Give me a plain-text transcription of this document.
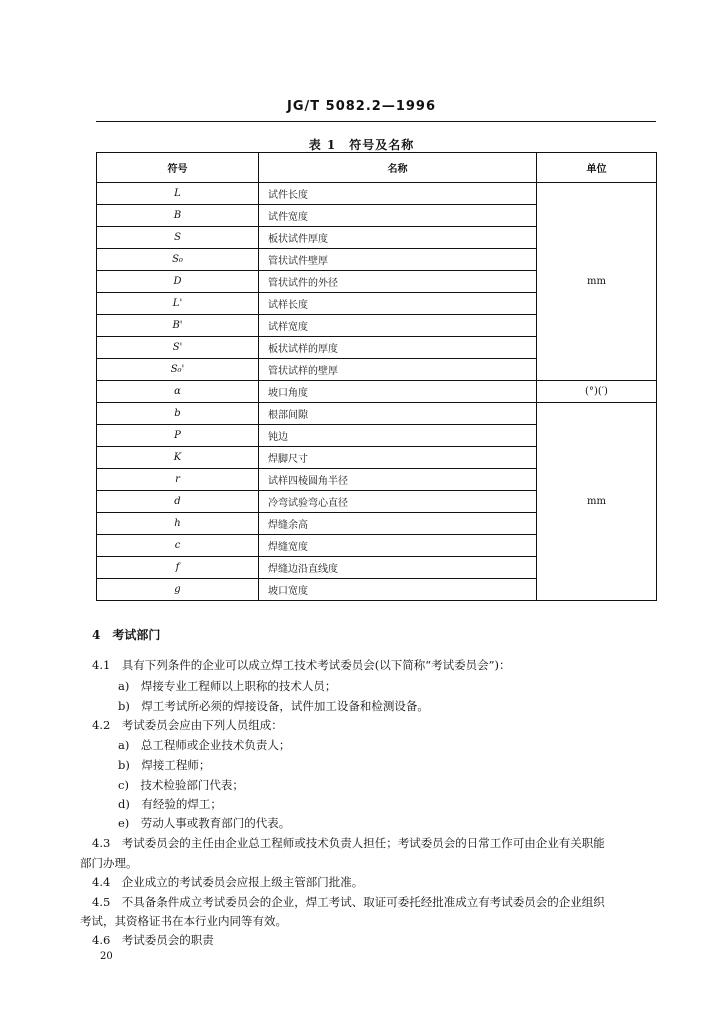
JG/T 5082.2—1996
表 1　符号及名称
符号	名称	单位
L	试件长度	mm
B	试件宽度	
S	板状试件厚度	
S₀	管状试件壁厚	
D	管状试件的外径	
L'	试样长度	
B'	试样宽度	
S'	板状试样的厚度	
S₀'	管状试样的壁厚	
α	坡口角度	(°)(′)
b	根部间隙	mm
P	钝边	
K	焊脚尺寸	
r	试样四棱圆角半径	
d	冷弯试验弯心直径	
h	焊缝余高	
c	焊缝宽度	
f	焊缝边沿直线度	
g	坡口宽度	
4　考试部门
4.1　具有下列条件的企业可以成立焊工技术考试委员会(以下简称“考试委员会”)：
a)　焊接专业工程师以上职称的技术人员；
b)　焊工考试所必须的焊接设备，试件加工设备和检测设备。
4.2　考试委员会应由下列人员组成：
a)　总工程师或企业技术负责人；
b)　焊接工程师；
c)　技术检验部门代表；
d)　有经验的焊工；
e)　劳动人事或教育部门的代表。
4.3　考试委员会的主任由企业总工程师或技术负责人担任；考试委员会的日常工作可由企业有关职能
部门办理。
4.4　企业成立的考试委员会应报上级主管部门批准。
4.5　不具备条件成立考试委员会的企业，焊工考试、取证可委托经批准成立有考试委员会的企业组织
考试，其资格证书在本行业内同等有效。
4.6　考试委员会的职责
20
